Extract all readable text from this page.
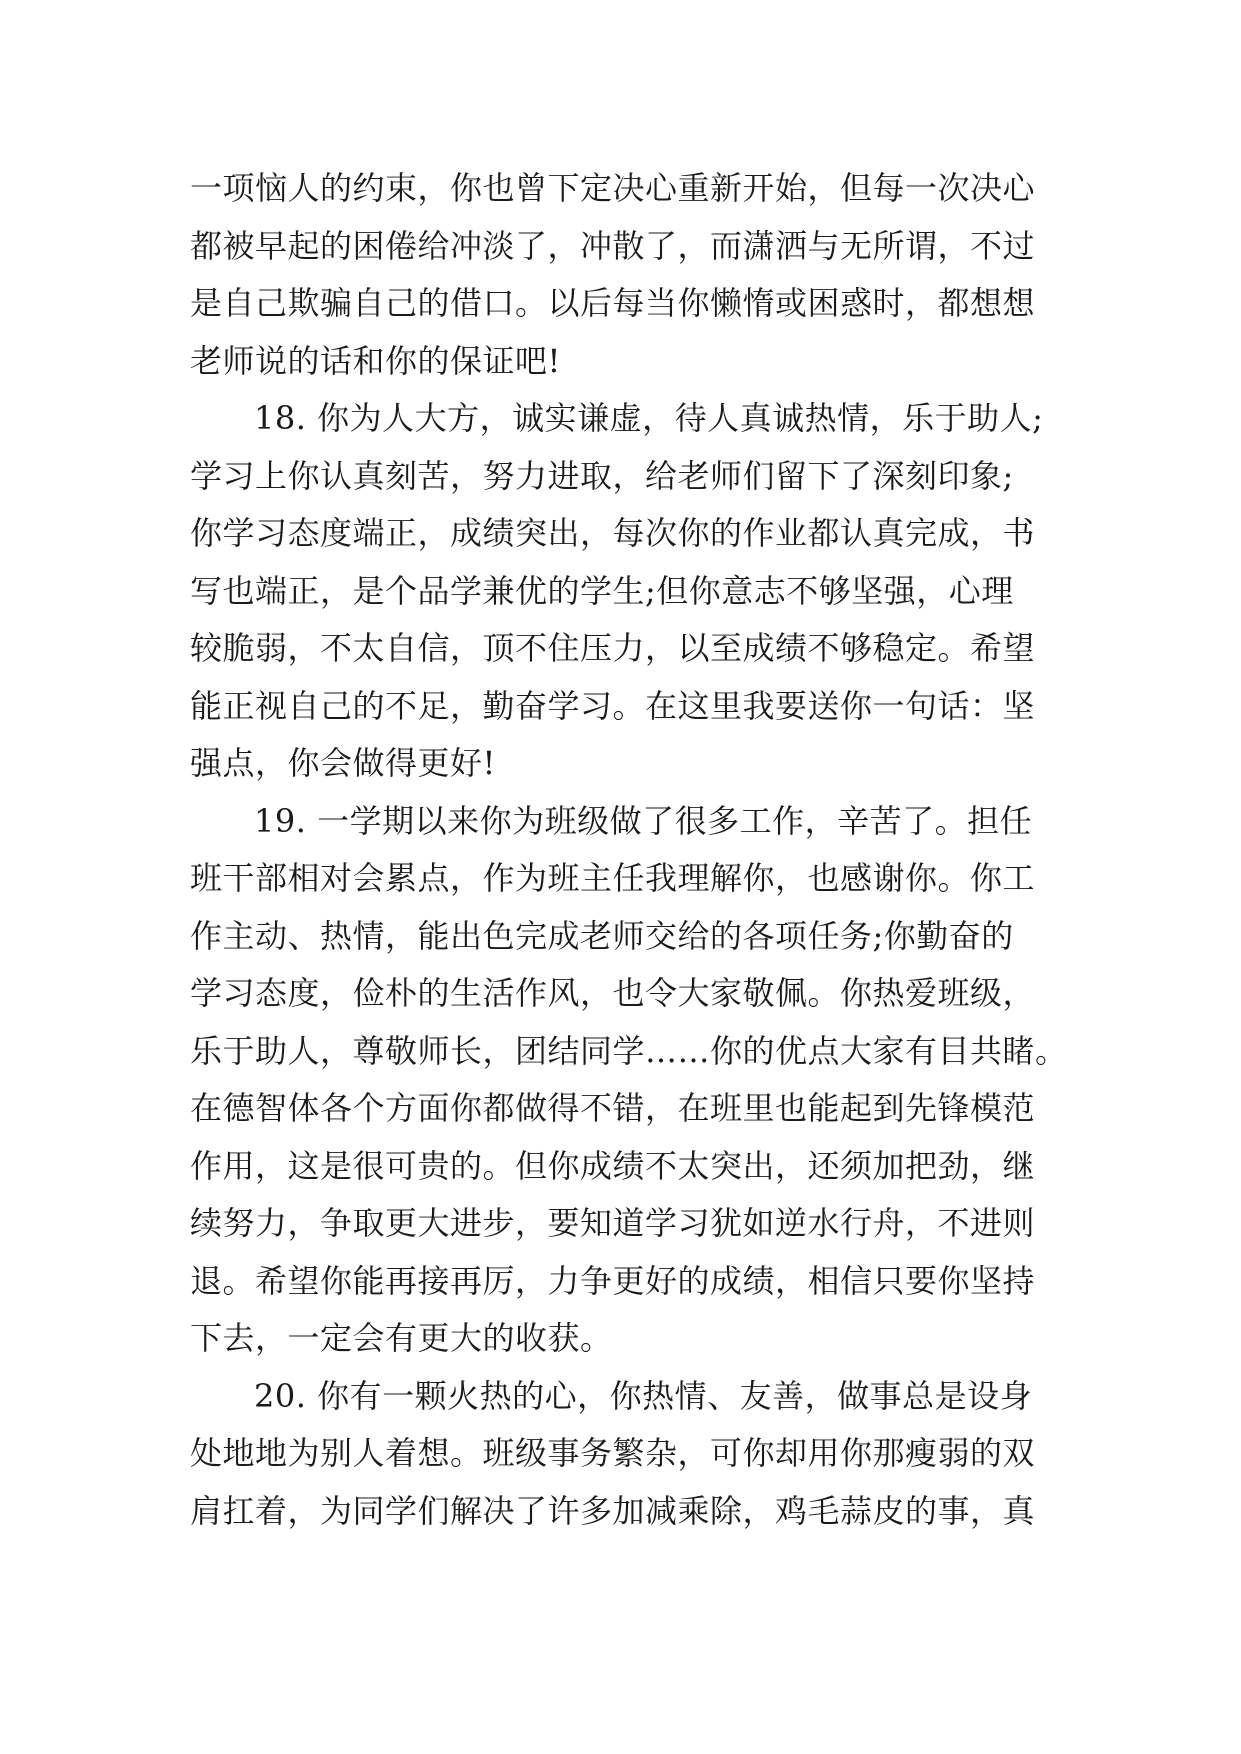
一项恼人的约束，你也曾下定决心重新开始，但每一次决心
都被早起的困倦给冲淡了，冲散了，而潇洒与无所谓，不过
是自己欺骗自己的借口。以后每当你懒惰或困惑时，都想想
老师说的话和你的保证吧!
18. 你为人大方，诚实谦虚，待人真诚热情，乐于助人;
学习上你认真刻苦，努力进取，给老师们留下了深刻印象;
你学习态度端正，成绩突出，每次你的作业都认真完成，书
写也端正，是个品学兼优的学生;但你意志不够坚强，心理
较脆弱，不太自信，顶不住压力，以至成绩不够稳定。希望
能正视自己的不足，勤奋学习。在这里我要送你一句话：坚
强点，你会做得更好!
19. 一学期以来你为班级做了很多工作，辛苦了。担任
班干部相对会累点，作为班主任我理解你，也感谢你。你工
作主动、热情，能出色完成老师交给的各项任务;你勤奋的
学习态度，俭朴的生活作风，也令大家敬佩。你热爱班级，
乐于助人，尊敬师长，团结同学……你的优点大家有目共睹。
在德智体各个方面你都做得不错，在班里也能起到先锋模范
作用，这是很可贵的。但你成绩不太突出，还须加把劲，继
续努力，争取更大进步，要知道学习犹如逆水行舟，不进则
退。希望你能再接再厉，力争更好的成绩，相信只要你坚持
下去，一定会有更大的收获。
20. 你有一颗火热的心，你热情、友善，做事总是设身
处地地为别人着想。班级事务繁杂，可你却用你那瘦弱的双
肩扛着，为同学们解决了许多加减乘除，鸡毛蒜皮的事，真
